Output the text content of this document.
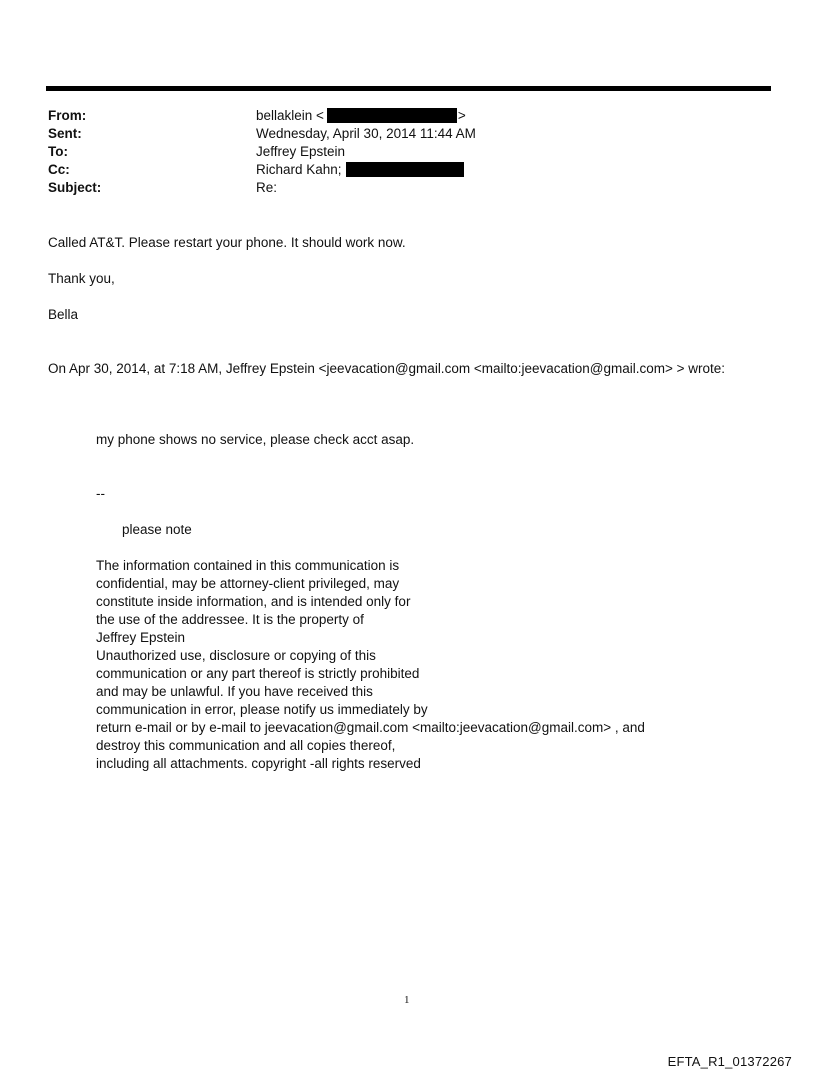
From:	bellaklein <	>
Sent:	Wednesday, April 30, 2014 11:44 AM
To:	Jeffrey Epstein
Cc:	Richard Kahn;
Subject:	Re:
Called AT&T. Please restart your phone. It should work now.
Thank you,
Bella
On Apr 30, 2014, at 7:18 AM, Jeffrey Epstein <jeevacation@gmail.com <mailto:jeevacation@gmail.com> > wrote:
my phone shows no service, please check acct asap.
--
please note
The information contained in this communication is
confidential, may be attorney-client privileged, may
constitute inside information, and is intended only for
the use of the addressee. It is the property of
Jeffrey Epstein
Unauthorized use, disclosure or copying of this
communication or any part thereof is strictly prohibited
and may be unlawful. If you have received this
communication in error, please notify us immediately by
return e-mail or by e-mail to jeevacation@gmail.com <mailto:jeevacation@gmail.com> , and
destroy this communication and all copies thereof,
including all attachments. copyright -all rights reserved
1
EFTA_R1_01372267
